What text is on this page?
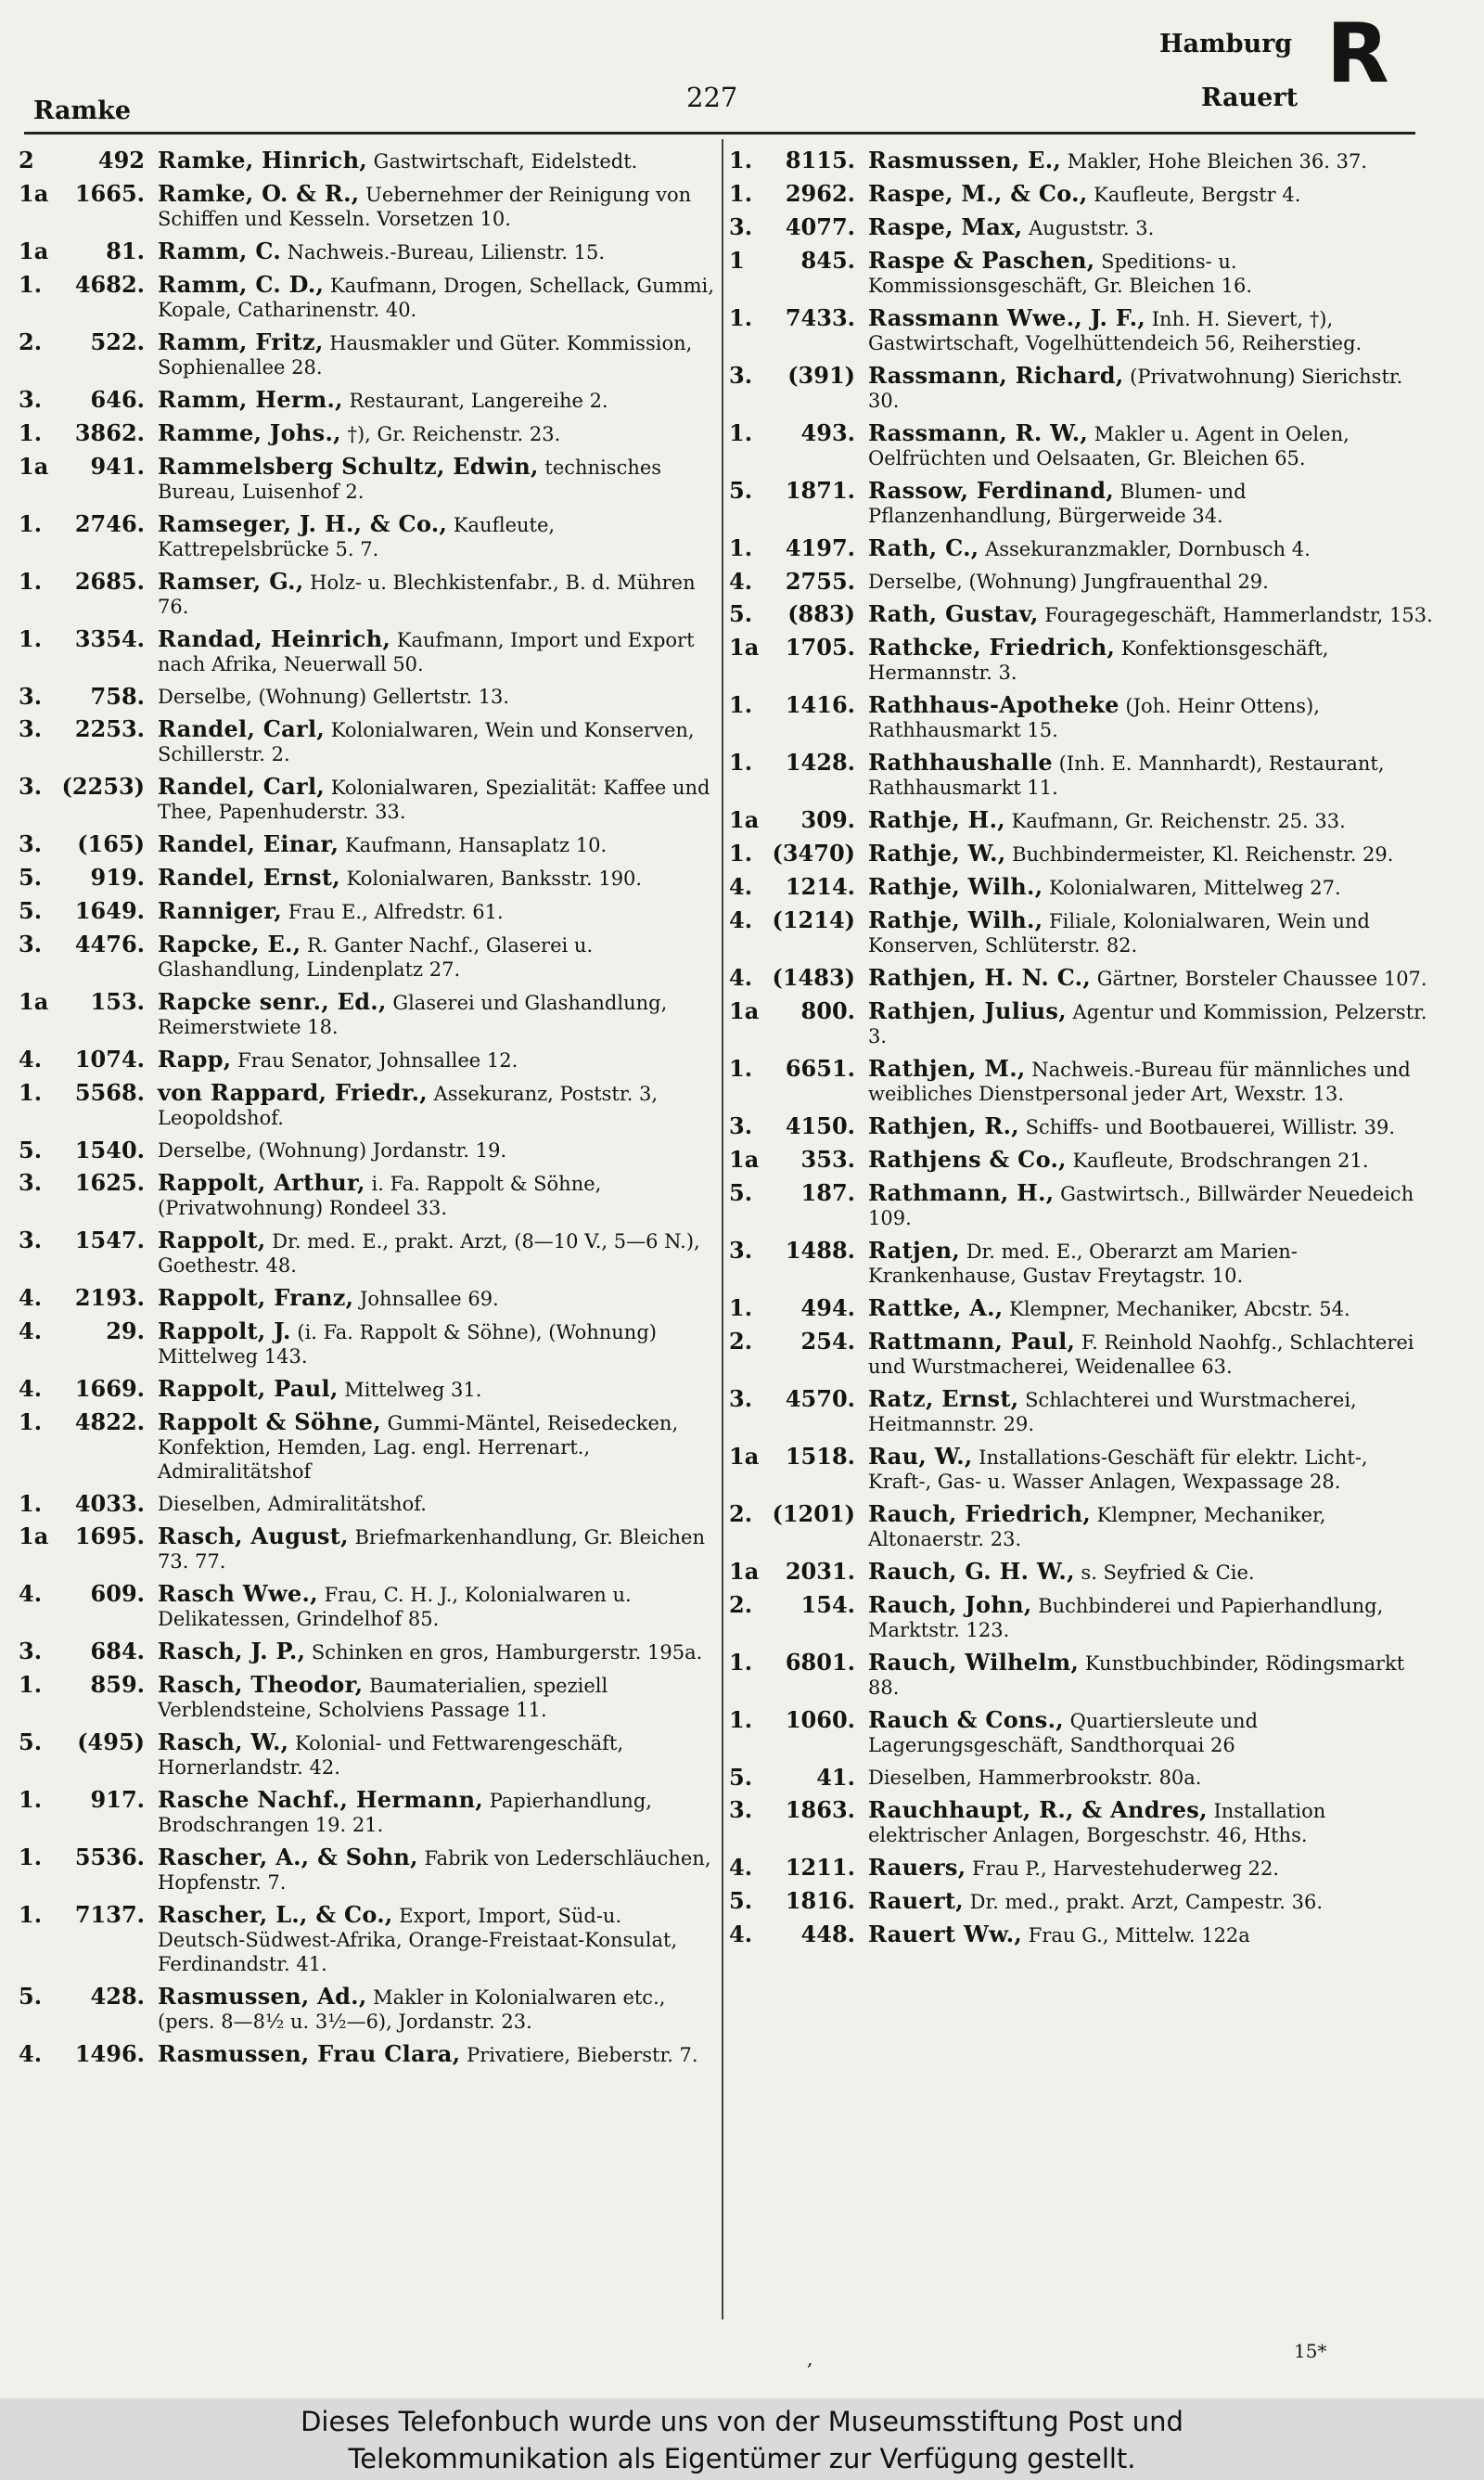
Ramke	227
Hamburg
Rauert R
2	492 Ramke, Hinrich, Gastwirtschaft, Eidelstedt.
1a	1665. Ramke, O. & R., Uebernehmer der Reinigung von Schiffen und Kesseln. Vorsetzen 10.
1a	81. Ramm, C. Nachweis.-Bureau, Lilienstr. 15.
1.	4682. Ramm, C. D., Kaufmann, Drogen, Schellack, Gummi, Kopale, Catharinenstr. 40.
2.	522. Ramm, Fritz, Hausmakler und Güter. Kommission, Sophienallee 28.
3.	646. Ramm, Herm., Restaurant, Langereihe 2.
1.	3862. Ramme, Johs., †), Gr. Reichenstr. 23.
1a	941. Rammelsberg Schultz, Edwin, technisches Bureau, Luisenhof 2.
1.	2746. Ramseger, J. H., & Co., Kaufleute, Kattrepelsbrücke 5. 7.
1.	2685. Ramser, G., Holz- u. Blechkistenfabr., B. d. Mühren 76.
1.	3354. Randad, Heinrich, Kaufmann, Import und Export nach Afrika, Neuerwall 50.
3.	758. Derselbe, (Wohnung) Gellertstr. 13.
3.	2253. Randel, Carl, Kolonialwaren, Wein und Konserven, Schillerstr. 2.
3. (2253) Randel, Carl, Kolonialwaren, Spezialität: Kaffee und Thee, Papenhuderstr. 33.
3.	(165) Randel, Einar, Kaufmann, Hansaplatz 10.
5.	919. Randel, Ernst, Kolonialwaren, Banksstr. 190.
5.	1649. Ranniger, Frau E., Alfredstr. 61.
3.	4476. Rapcke, E., R. Ganter Nachf., Glaserei u. Glashandlung, Lindenplatz 27.
1a	153. Rapcke senr., Ed., Glaserei und Glashandlung, Reimerstwiete 18.
4.	1074. Rapp, Frau Senator, Johnsallee 12.
1.	5568. von Rappard, Friedr., Assekuranz, Poststr. 3, Leopoldshof.
5.	1540. Derselbe, (Wohnung) Jordanstr. 19.
3.	1625. Rappolt, Arthur, i. Fa. Rappolt & Söhne, (Privatwohnung) Rondeel 33.
3.	1547. Rappolt, Dr. med. E., prakt. Arzt, (8—10 V., 5—6 N.), Goethestr. 48.
4.	2193. Rappolt, Franz, Johnsallee 69.
4.	29. Rappolt, J. (i. Fa. Rappolt & Söhne), (Wohnung) Mittelweg 143.
4.	1669. Rappolt, Paul, Mittelweg 31.
1.	4822. Rappolt & Söhne, Gummi-Mäntel, Reisedecken, Konfektion, Hemden, Lag. engl. Herrenart., Admiralitätshof
1.	4033. Dieselben, Admiralitätshof.
1a	1695. Rasch, August, Briefmarkenhandlung, Gr. Bleichen 73. 77.
4.	609. Rasch Wwe., Frau, C. H. J., Kolonialwaren u. Delikatessen, Grindelhof 85.
3.	684. Rasch, J. P., Schinken en gros, Hamburgerstr. 195a.
1.	859. Rasch, Theodor, Baumaterialien, speziell Verblendsteine, Scholviens Passage 11.
5.	(495) Rasch, W., Kolonial- und Fettwarengeschäft, Hornerlandstr. 42.
1.	917. Rasche Nachf., Hermann, Papierhandlung, Brodschrangen 19. 21.
1.	5536. Rascher, A., & Sohn, Fabrik von Lederschläuchen, Hopfenstr. 7.
1.	7137. Rascher, L., & Co., Export, Import, Süd-u. Deutsch-Südwest-Afrika, Orange-Freistaat-Konsulat, Ferdinandstr. 41.
5.	428. Rasmussen, Ad., Makler in Kolonialwaren etc., (pers. 8—8½ u. 3½—6), Jordanstr. 23.
4.	1496. Rasmussen, Frau Clara, Privatiere, Bieberstr. 7.
1.	8115. Rasmussen, E., Makler, Hohe Bleichen 36. 37.
1.	2962. Raspe, M., & Co., Kaufleute, Bergstr 4.
3.	4077. Raspe, Max, Auguststr. 3.
1	845. Raspe & Paschen, Speditions- u. Kommissionsgeschäft, Gr. Bleichen 16.
1.	7433. Rassmann Wwe., J. F., Inh. H. Sievert, †), Gastwirtschaft, Vogelhüttendeich 56, Reiherstieg.
3.	(391) Rassmann, Richard, (Privatwohnung) Sierichstr. 30.
1.	493. Rassmann, R. W., Makler u. Agent in Oelen, Oelfrüchten und Oelsaaten, Gr. Bleichen 65.
5.	1871. Rassow, Ferdinand, Blumen- und Pflanzenhandlung, Bürgerweide 34.
1.	4197. Rath, C., Assekuranzmakler, Dornbusch 4.
4.	2755. Derselbe, (Wohnung) Jungfrauenthal 29.
5.	(883) Rath, Gustav, Fouragegeschäft, Hammerlandstr, 153.
1a	1705. Rathcke, Friedrich, Konfektionsgeschäft, Hermannstr. 3.
1.	1416. Rathhaus-Apotheke (Joh. Heinr Ottens), Rathhausmarkt 15.
1.	1428. Rathhaushalle (Inh. E. Mannhardt), Restaurant, Rathhausmarkt 11.
1a	309. Rathje, H., Kaufmann, Gr. Reichenstr. 25. 33.
1. (3470) Rathje, W., Buchbindermeister, Kl. Reichenstr. 29.
4.	1214. Rathje, Wilh., Kolonialwaren, Mittelweg 27.
4. (1214) Rathje, Wilh., Filiale, Kolonialwaren, Wein und Konserven, Schlüterstr. 82.
4. (1483) Rathjen, H. N. C., Gärtner, Borsteler Chaussee 107.
1a	800. Rathjen, Julius, Agentur und Kommission, Pelzerstr. 3.
1.	6651. Rathjen, M., Nachweis.-Bureau für männliches und weibliches Dienstpersonal jeder Art, Wexstr. 13.
3.	4150. Rathjen, R., Schiffs- und Bootbauerei, Willistr. 39.
1a	353. Rathjens & Co., Kaufleute, Brodschrangen 21.
5.	187. Rathmann, H., Gastwirtsch., Billwärder Neuedeich 109.
3.	1488. Ratjen, Dr. med. E., Oberarzt am Marien-Krankenhause, Gustav Freytagstr. 10.
1.	494. Rattke, A., Klempner, Mechaniker, Abcstr. 54.
2.	254. Rattmann, Paul, F. Reinhold Naohfg., Schlachterei und Wurstmacherei, Weidenallee 63.
3.	4570. Ratz, Ernst, Schlachterei und Wurstmacherei, Heitmannstr. 29.
1a	1518. Rau, W., Installations-Geschäft für elektr. Licht-, Kraft-, Gas- u. Wasser Anlagen, Wexpassage 28.
2. (1201) Rauch, Friedrich, Klempner, Mechaniker, Altonaerstr. 23.
1a	2031. Rauch, G. H. W., s. Seyfried & Cie.
2.	154. Rauch, John, Buchbinderei und Papierhandlung, Marktstr. 123.
1.	6801. Rauch, Wilhelm, Kunstbuchbinder, Rödingsmarkt 88.
1.	1060. Rauch & Cons., Quartiersleute und Lagerungsgeschäft, Sandthorquai 26
5.	41. Dieselben, Hammerbrookstr. 80a.
3.	1863. Rauchhaupt, R., & Andres, Installation elektrischer Anlagen, Borgeschstr. 46, Hths.
4.	1211. Rauers, Frau P., Harvestehuderweg 22.
5.	1816. Rauert, Dr. med., prakt. Arzt, Campestr. 36.
4.	448. Rauert Ww., Frau G., Mittelw. 122a
,	15*
Dieses Telefonbuch wurde uns von der Museumsstiftung Post und
Telekommunikation als Eigentümer zur Verfügung gestellt.
